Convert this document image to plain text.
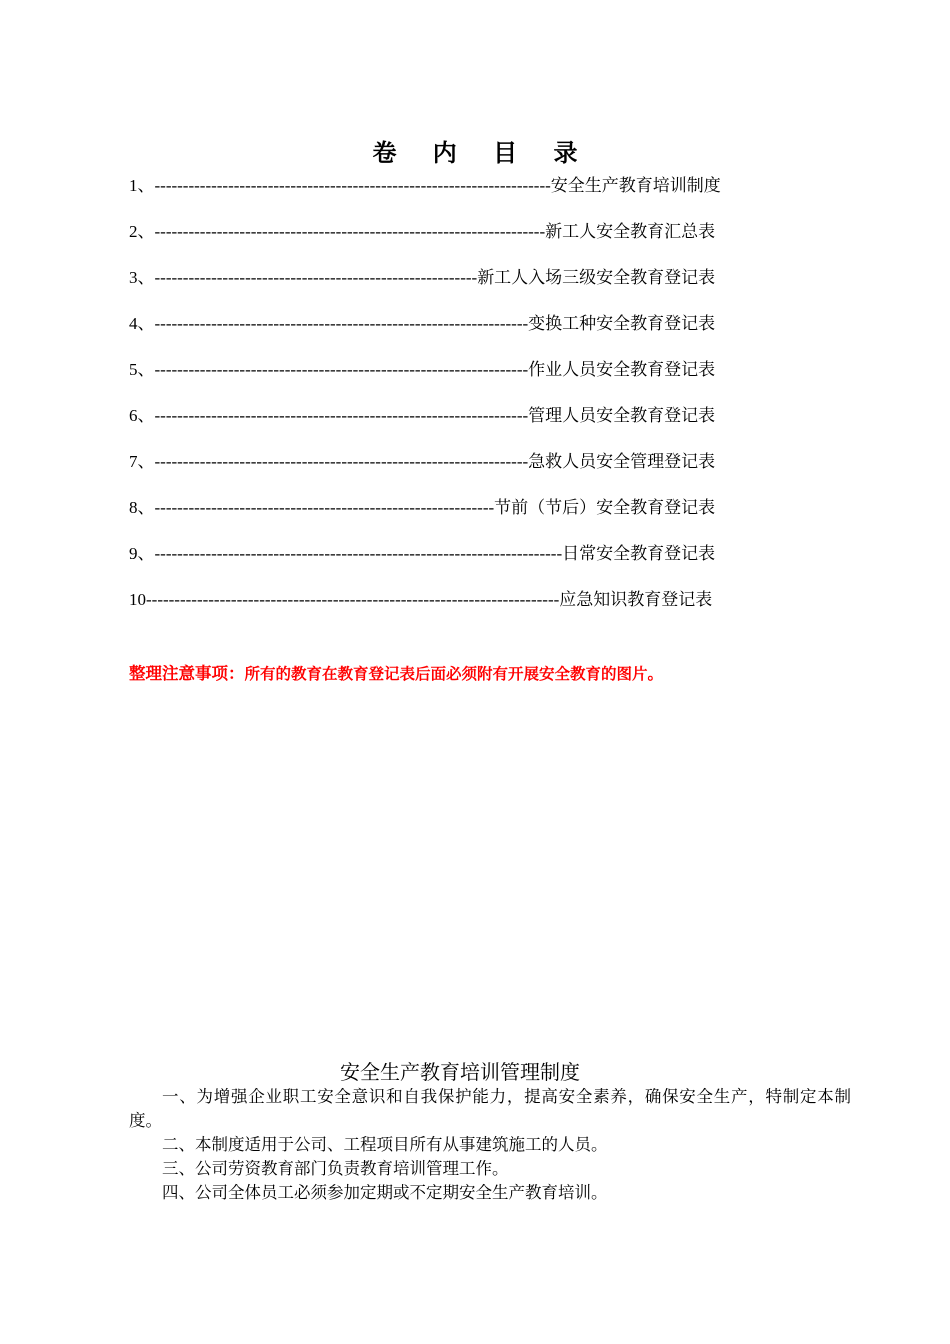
卷 内 目 录
1、----------------------------------------------------------------------安全生产教育培训制度
2、---------------------------------------------------------------------新工人安全教育汇总表
3、---------------------------------------------------------新工人入场三级安全教育登记表
4、------------------------------------------------------------------变换工种安全教育登记表
5、------------------------------------------------------------------作业人员安全教育登记表
6、------------------------------------------------------------------管理人员安全教育登记表
7、------------------------------------------------------------------急救人员安全管理登记表
8、------------------------------------------------------------节前（节后）安全教育登记表
9、------------------------------------------------------------------------日常安全教育登记表
10-------------------------------------------------------------------------应急知识教育登记表
整理注意事项：所有的教育在教育登记表后面必须附有开展安全教育的图片。
安全生产教育培训管理制度

一、为增强企业职工安全意识和自我保护能力，提高安全素养，确保安全生产，特制定本制度。

二、本制度适用于公司、工程项目所有从事建筑施工的人员。

三、公司劳资教育部门负责教育培训管理工作。

四、公司全体员工必须参加定期或不定期安全生产教育培训。
